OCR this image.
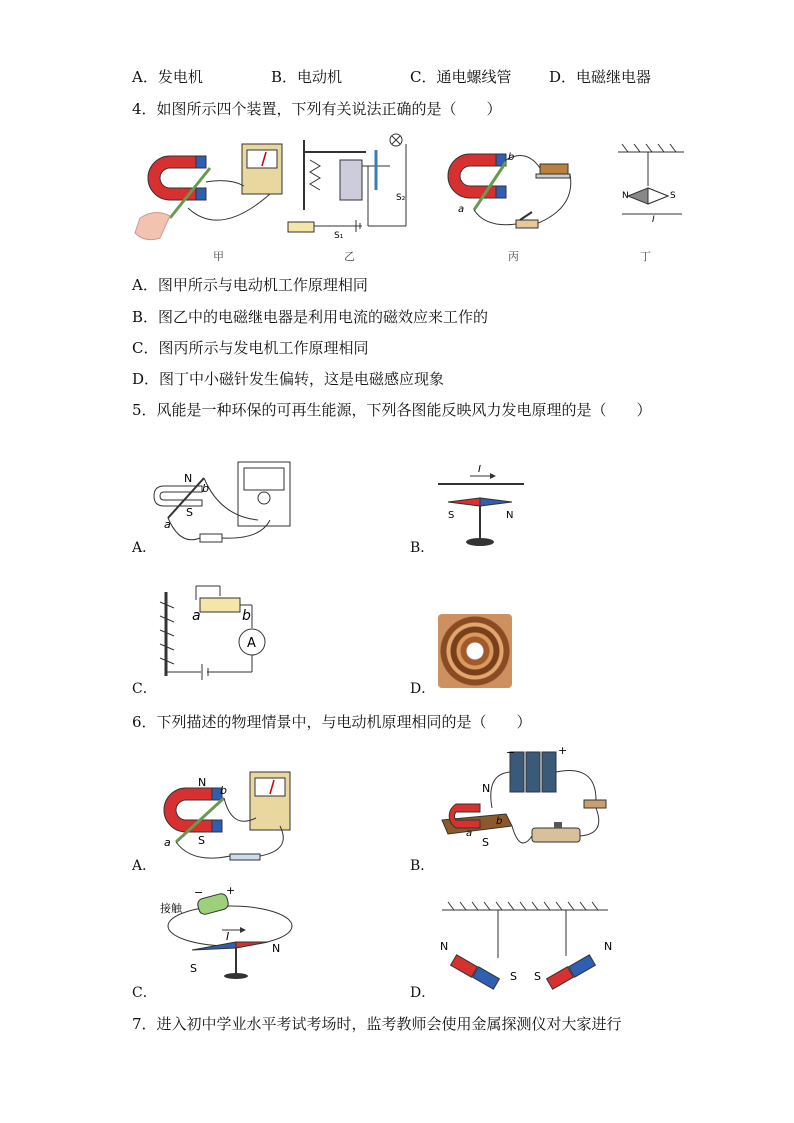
A．发电机	B．电动机	C．通电螺线管	D．电磁继电器
4．如图所示四个装置，下列有关说法正确的是（　　）
甲
S₁
S₂
乙
b
a
丙
N	S
I
丁
A．图甲所示与电动机工作原理相同
B．图乙中的电磁继电器是利用电流的磁效应来工作的
C．图丙所示与发电机工作原理相同
D．图丁中小磁针发生偏转，这是电磁感应现象
5．风能是一种环保的可再生能源，下列各图能反映风力发电原理的是（　　）
N
S
b
a
A．
I
S	N
B．
a	b
A
C．	D．
6．下列描述的物理情景中，与电动机原理相同的是（　　）
N
S
b
a
A．
−	+
N
S
b
a
B．
接触
− +
I
S
N
C．
N
S S
N
D．
7．进入初中学业水平考试考场时，监考教师会使用金属探测仪对大家进行
